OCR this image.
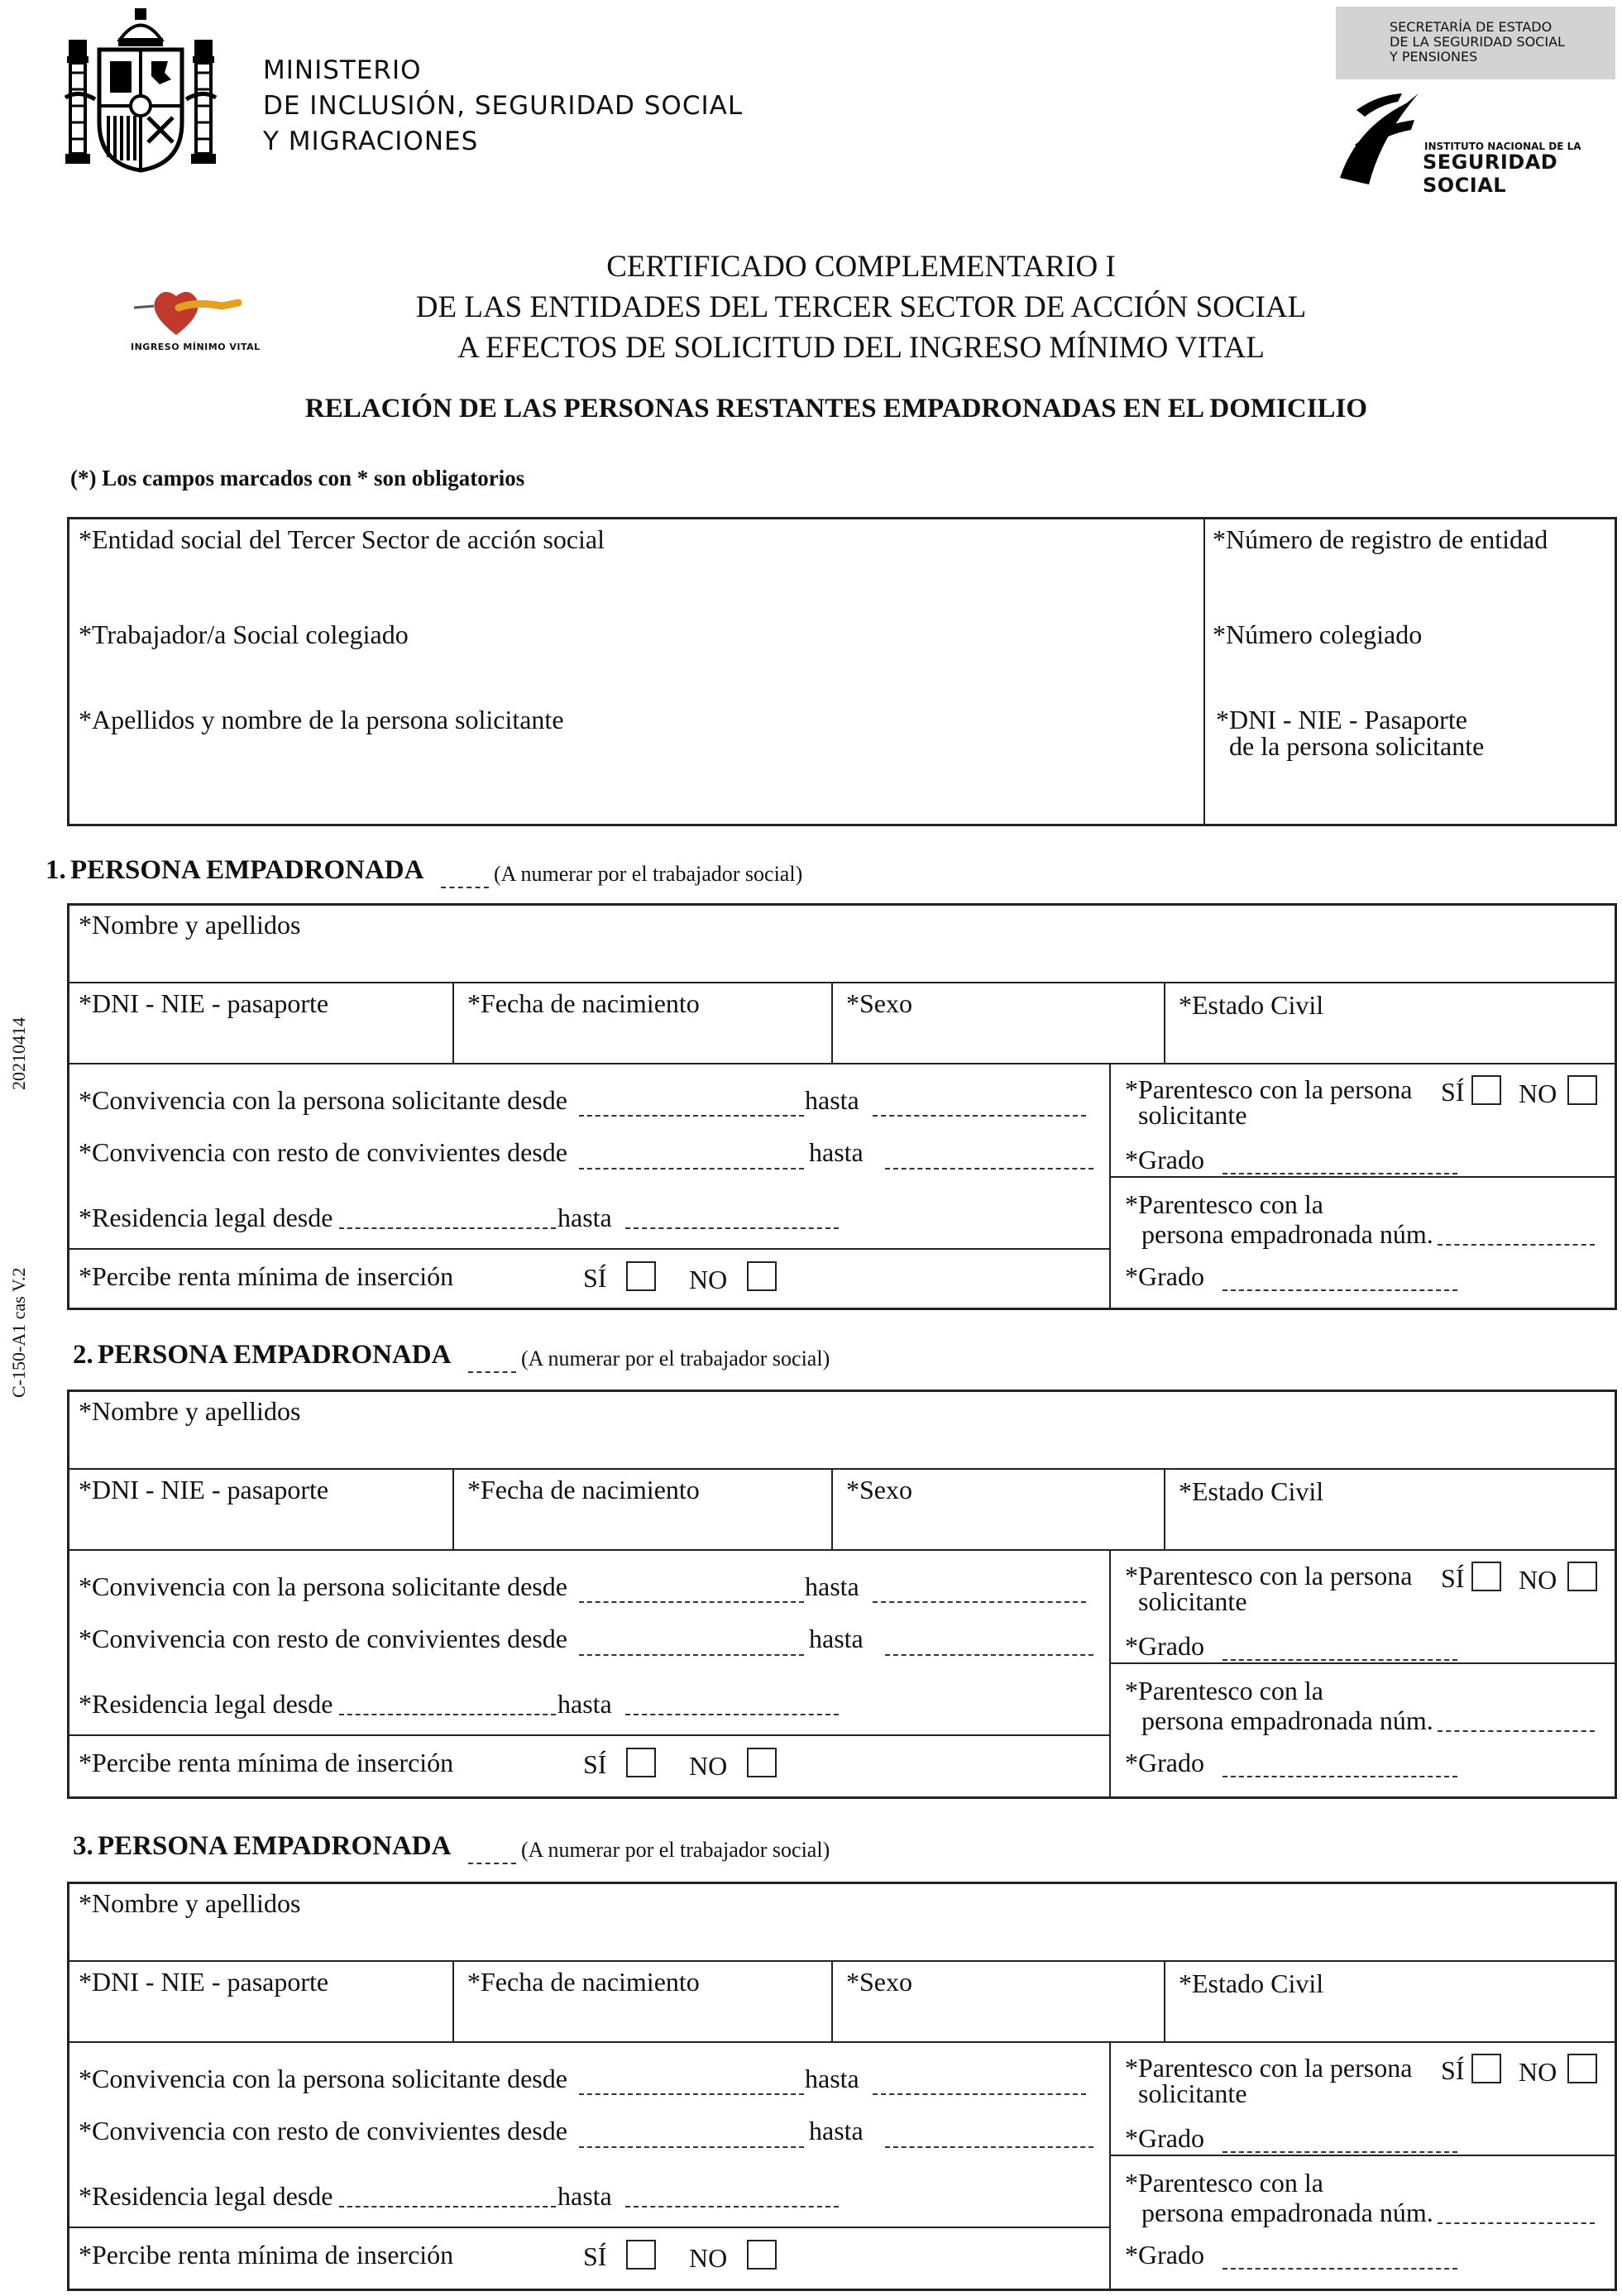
MINISTERIO
DE INCLUSIÓN, SEGURIDAD SOCIAL
Y MIGRACIONES
SECRETARÍA DE ESTADO
DE LA SEGURIDAD SOCIAL
Y PENSIONES
INSTITUTO NACIONAL DE LA
SEGURIDAD SOCIAL
INGRESO MÍNIMO VITAL
CERTIFICADO COMPLEMENTARIO I
DE LAS ENTIDADES DEL TERCER SECTOR DE ACCIÓN SOCIAL
A EFECTOS DE SOLICITUD DEL INGRESO MÍNIMO VITAL
RELACIÓN DE LAS PERSONAS RESTANTES EMPADRONADAS EN EL DOMICILIO
(*) Los campos marcados con * son obligatorios
20210414
C-150-A1 cas V.2
*Entidad social del Tercer Sector de acción social	*Número de registro de entidad
*Trabajador/a Social colegiado	*Número colegiado
*Apellidos y nombre de la persona solicitante	*DNI - NIE - Pasaporte
de la persona solicitante
1. PERSONA EMPADRONADA	(A numerar por el trabajador social)
*Nombre y apellidos
*DNI - NIE - pasaporte	*Fecha de nacimiento	*Sexo	*Estado Civil
*Convivencia con la persona solicitante desde	hasta
*Convivencia con resto de convivientes desde	hasta
*Residencia legal desde	hasta
*Percibe renta mínima de inserción	SÍ	NO
*Parentesco con la persona
solicitante
SÍ NO
*Grado
*Parentesco con la
persona empadronada núm.
*Grado
2. PERSONA EMPADRONADA	(A numerar por el trabajador social)
*Nombre y apellidos
*DNI - NIE - pasaporte	*Fecha de nacimiento	*Sexo	*Estado Civil
*Convivencia con la persona solicitante desde	hasta
*Convivencia con resto de convivientes desde	hasta
*Residencia legal desde	hasta
*Percibe renta mínima de inserción	SÍ	NO
*Parentesco con la persona
solicitante
SÍ NO
*Grado
*Parentesco con la
persona empadronada núm.
*Grado
3. PERSONA EMPADRONADA	(A numerar por el trabajador social)
*Nombre y apellidos
*DNI - NIE - pasaporte	*Fecha de nacimiento	*Sexo	*Estado Civil
*Convivencia con la persona solicitante desde	hasta
*Convivencia con resto de convivientes desde	hasta
*Residencia legal desde	hasta
*Percibe renta mínima de inserción	SÍ	NO
*Parentesco con la persona
solicitante
SÍ NO
*Grado
*Parentesco con la
persona empadronada núm.
*Grado
